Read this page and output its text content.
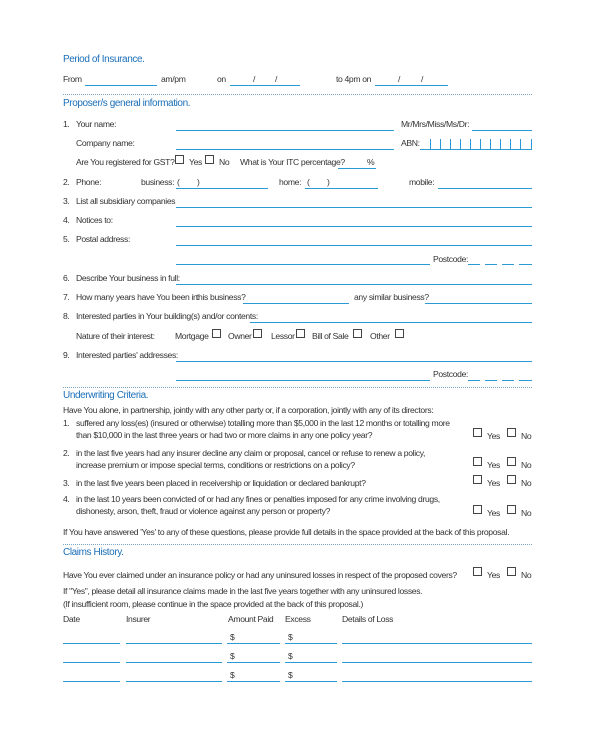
Period of Insurance.
From	am/pm	on	/ /	to 4pm on	/ /
Proposer/s general information.
1. Your name:	Mr/Mrs/Miss/Ms/Dr:
Company name:	ABN:
Are You registered for GST? Yes No What is Your ITC percentage?	%
2. Phone:	business: ( )	home: ( )	mobile:
3. List all subsidiary companies
4. Notices to:
5. Postal address:
Postcode:
6. Describe Your business in full:
7. How many years have You been in:
this business?	any similar business?
8. Interested parties in Your building(s) and/or contents:
Nature of their interest: Mortgage Owner Lessor Bill of Sale	Other
9. Interested parties' addresses:
Postcode:
Underwriting Criteria.
Have You alone, in partnership, jointly with any other party or, if a corporation, jointly with any of its directors:
1. suffered any loss(es) (insured or otherwise) totalling more than $5,000 in the last 12 months or totalling more
than $10,000 in the last three years or had two or more claims in any one policy year?	Yes No
2. in the last five years had any insurer decline any claim or proposal, cancel or refuse to renew a policy,
increase premium or impose special terms, conditions or restrictions on a policy?	Yes No
3. in the last five years been placed in receivership or liquidation or declared bankrupt?	Yes No
4. in the last 10 years been convicted of or had any fines or penalties imposed for any crime involving drugs,
dishonesty, arson, theft, fraud or violence against any person or property?	Yes No
If You have answered 'Yes' to any of these questions, please provide full details in the space provided at the back of this proposal.
Claims History.
Have You ever claimed under an insurance policy or had any uninsured losses in respect of the proposed covers?	Yes No
If "Yes", please detail all insurance claims made in the last five years together with any uninsured losses.
(If insufficient room, please continue in the space provided at the back of this proposal.)
Date	Insurer	Amount Paid Excess	Details of Loss
$	$
$	$
$	$
